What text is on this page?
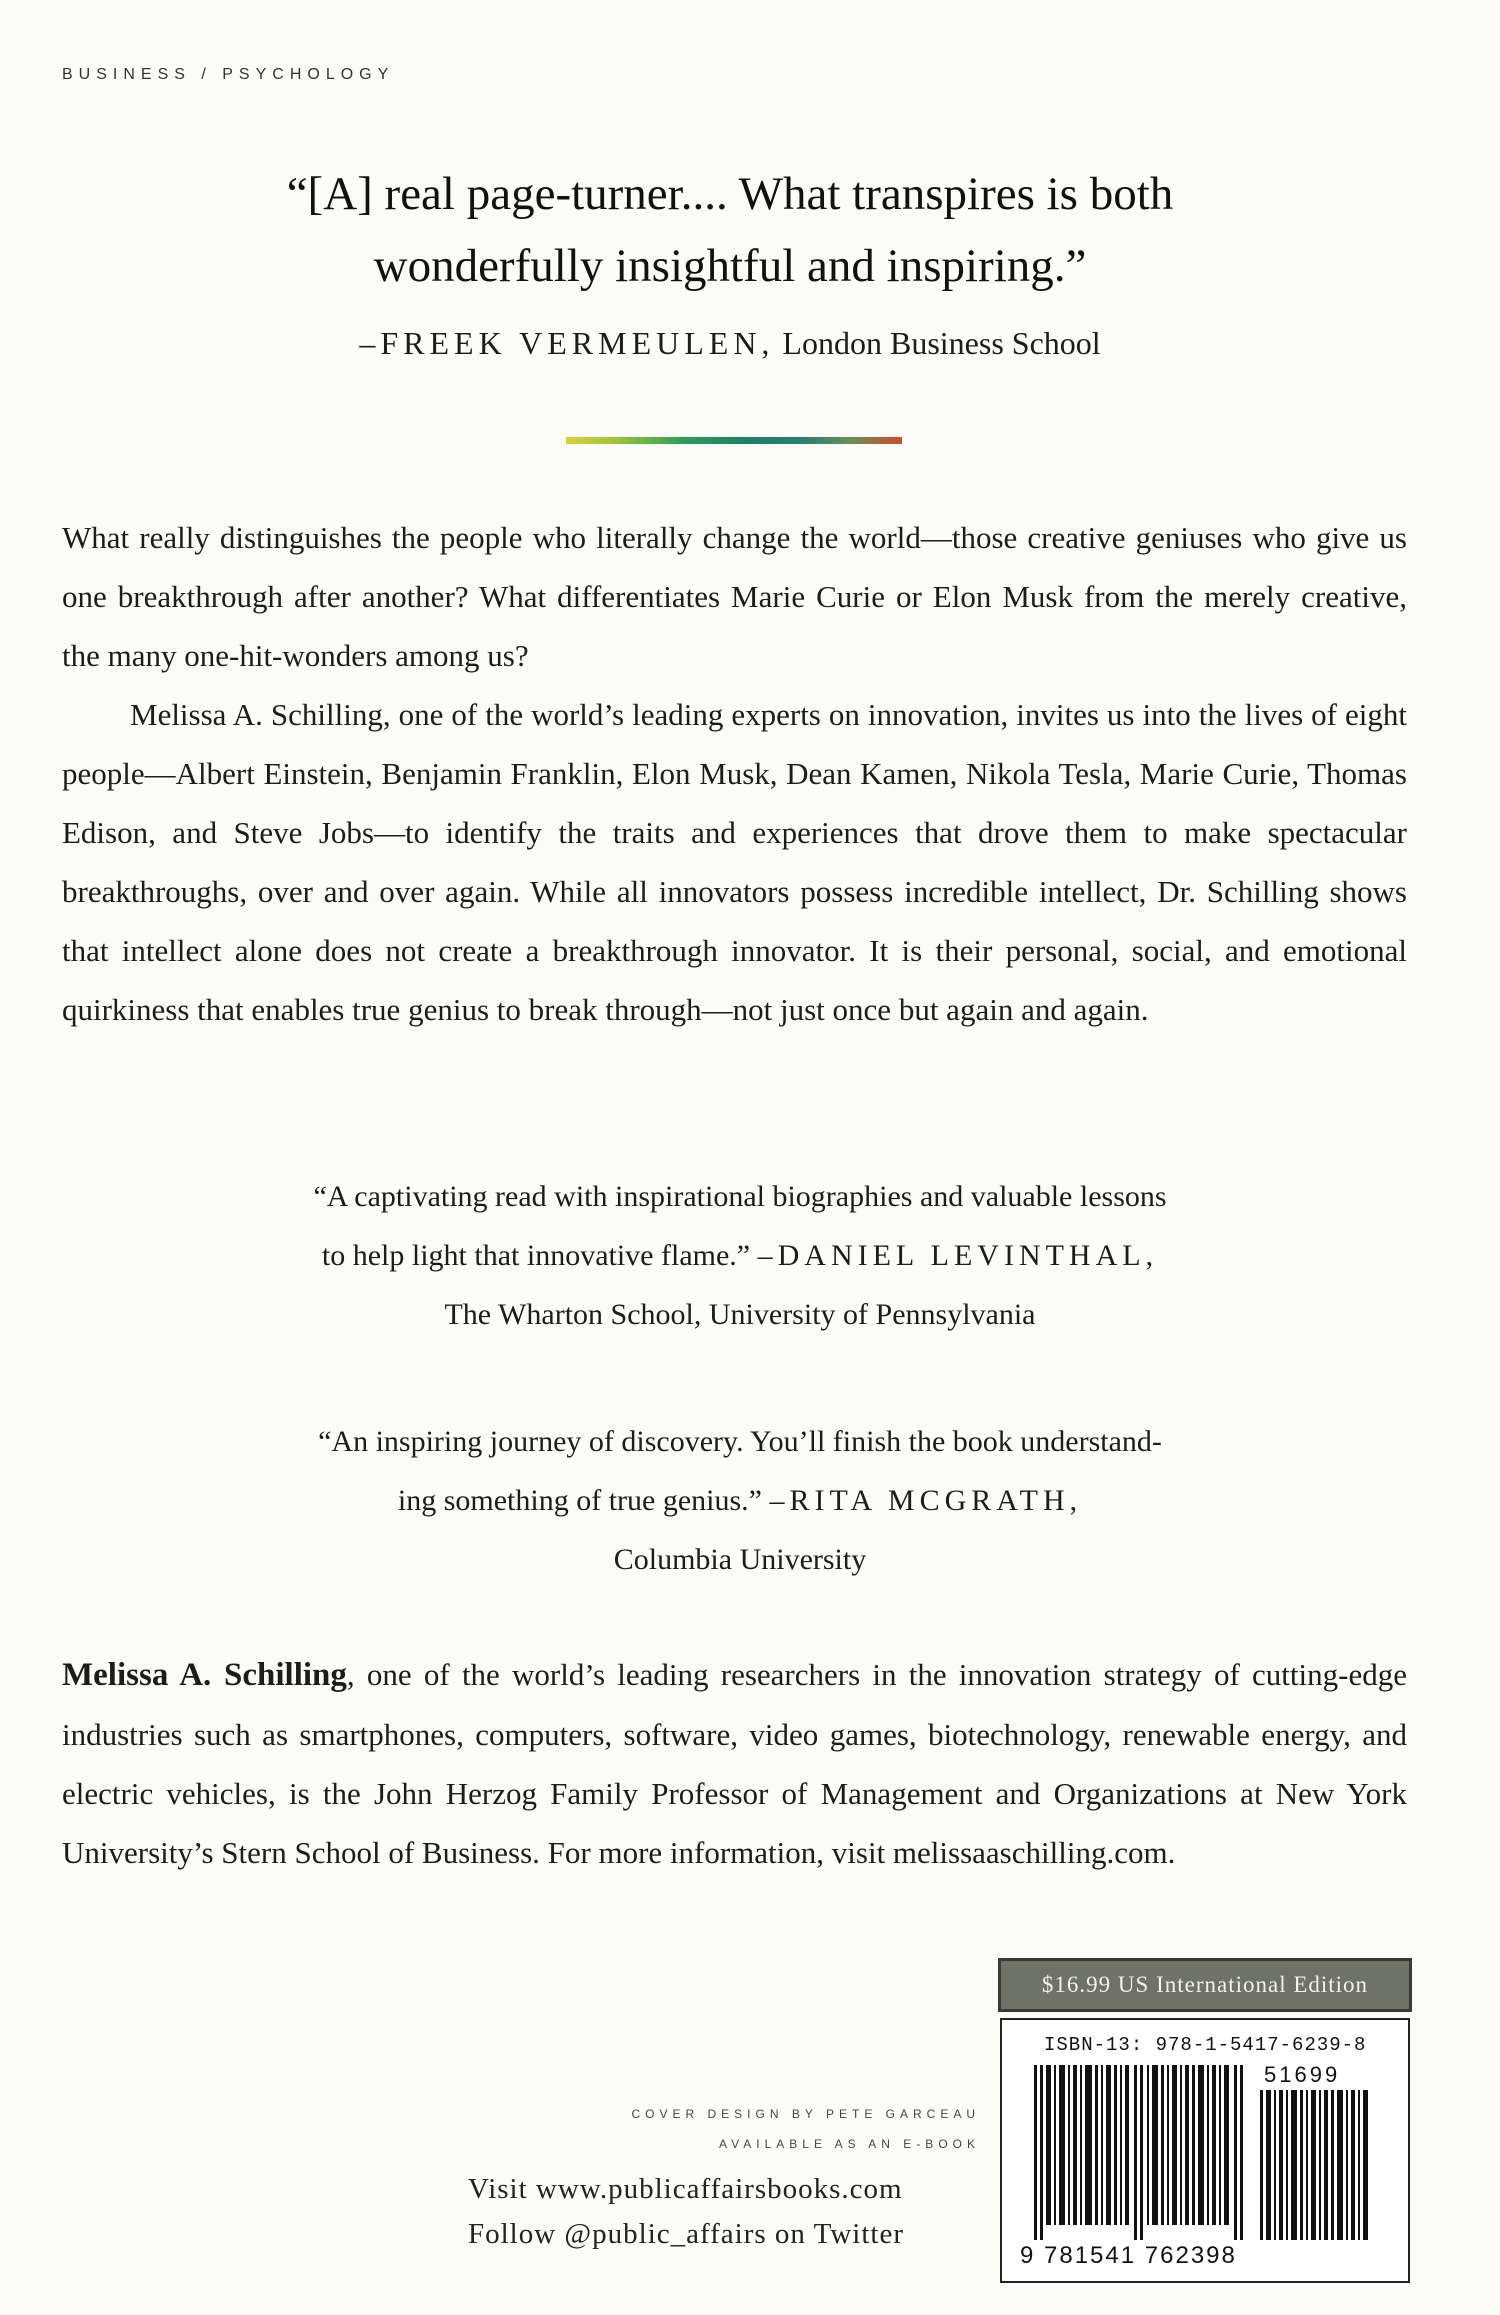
BUSINESS / PSYCHOLOGY
“[A] real page-turner.... What transpires is both
wonderfully insightful and inspiring.”
–FREEK VERMEULEN, London Business School

What really distinguishes the people who literally change the world—those creative geniuses who give us one breakthrough after another? What differentiates Marie Curie or Elon Musk from the merely creative, the many one-hit-wonders among us?

Melissa A. Schilling, one of the world’s leading experts on innovation, invites us into the lives of eight people—Albert Einstein, Benjamin Franklin, Elon Musk, Dean Kamen, Nikola Tesla, Marie Curie, Thomas Edison, and Steve Jobs—to identify the traits and experiences that drove them to make spectacular breakthroughs, over and over again. While all innovators possess incredible intellect, Dr. Schilling shows that intellect alone does not create a breakthrough innovator. It is their personal, social, and emotional quirkiness that enables true genius to break through—not just once but again and again.

“A captivating read with inspirational biographies and valuable lessons
to help light that innovative flame.” –DANIEL LEVINTHAL,
The Wharton School, University of Pennsylvania
“An inspiring journey of discovery. You’ll finish the book understand-
ing something of true genius.” –RITA MCGRATH,
Columbia University
Melissa A. Schilling, one of the world’s leading researchers in the innovation strategy of cutting-edge industries such as smartphones, computers, software, video games, biotechnology, renewable energy, and electric vehicles, is the John Herzog Family Professor of Management and Organizations at New York University’s Stern School of Business. For more information, visit melissaaschilling.com.
COVER DESIGN BY PETE GARCEAU
AVAILABLE AS AN E-BOOK
Visit www.publicaffairsbooks.com
Follow @public_affairs on Twitter
$16.99 US International Edition
ISBN-13: 978-1-5417-6239-8
51699
9 781541 762398
